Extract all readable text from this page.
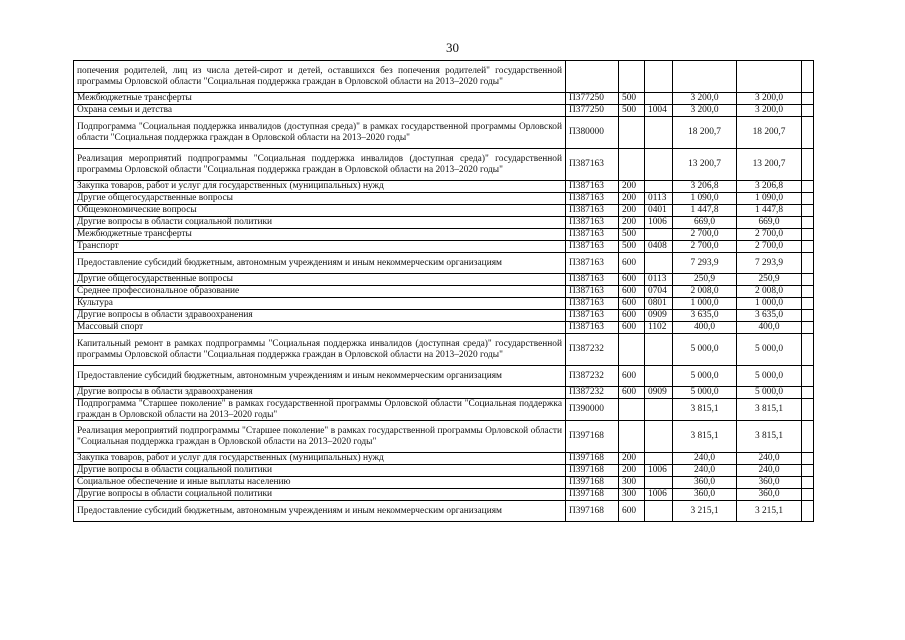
30
попечения родителей, лиц из числа детей-сирот и детей, оставшихся без попечения родителей" государственной программы Орловской области "Социальная поддержка граждан в Орловской области на 2013–2020 годы"						
Межбюджетные трансферты	П377250	500		3 200,0	3 200,0	
Охрана семьи и детства	П377250	500	1004	3 200,0	3 200,0	
Подпрограмма "Социальная поддержка инвалидов (доступная среда)" в рамках государственной программы Орловской области "Социальная поддержка граждан в Орловской области на 2013–2020 годы"	П380000			18 200,7	18 200,7	
Реализация мероприятий подпрограммы "Социальная поддержка инвалидов (доступная среда)" государственной программы Орловской области "Социальная поддержка граждан в Орловской области на 2013–2020 годы"	П387163			13 200,7	13 200,7	
Закупка товаров, работ и услуг для государственных (муниципальных) нужд	П387163	200		3 206,8	3 206,8	
Другие общегосударственные вопросы	П387163	200	0113	1 090,0	1 090,0	
Общеэкономические вопросы	П387163	200	0401	1 447,8	1 447,8	
Другие вопросы в области социальной политики	П387163	200	1006	669,0	669,0	
Межбюджетные трансферты	П387163	500		2 700,0	2 700,0	
Транспорт	П387163	500	0408	2 700,0	2 700,0	
Предоставление субсидий бюджетным, автономным учреждениям и иным некоммерческим организациям	П387163	600		7 293,9	7 293,9	
Другие общегосударственные вопросы	П387163	600	0113	250,9	250,9	
Среднее профессиональное образование	П387163	600	0704	2 008,0	2 008,0	
Культура	П387163	600	0801	1 000,0	1 000,0	
Другие вопросы в области здравоохранения	П387163	600	0909	3 635,0	3 635,0	
Массовый спорт	П387163	600	1102	400,0	400,0	
Капитальный ремонт в рамках подпрограммы "Социальная поддержка инвалидов (доступная среда)" государственной программы Орловской области "Социальная поддержка граждан в Орловской области на 2013–2020 годы"	П387232			5 000,0	5 000,0	
Предоставление субсидий бюджетным, автономным учреждениям и иным некоммерческим организациям	П387232	600		5 000,0	5 000,0	
Другие вопросы в области здравоохранения	П387232	600	0909	5 000,0	5 000,0	
Подпрограмма "Старшее поколение" в рамках государственной программы Орловской области "Социальная поддержка граждан в Орловской области на 2013–2020 годы"	П390000			3 815,1	3 815,1	
Реализация мероприятий подпрограммы "Старшее поколение" в рамках государственной программы Орловской области "Социальная поддержка граждан в Орловской области на 2013–2020 годы"	П397168			3 815,1	3 815,1	
Закупка товаров, работ и услуг для государственных (муниципальных) нужд	П397168	200		240,0	240,0	
Другие вопросы в области социальной политики	П397168	200	1006	240,0	240,0	
Социальное обеспечение и иные выплаты населению	П397168	300		360,0	360,0	
Другие вопросы в области социальной политики	П397168	300	1006	360,0	360,0	
Предоставление субсидий бюджетным, автономным учреждениям и иным некоммерческим организациям	П397168	600		3 215,1	3 215,1	
